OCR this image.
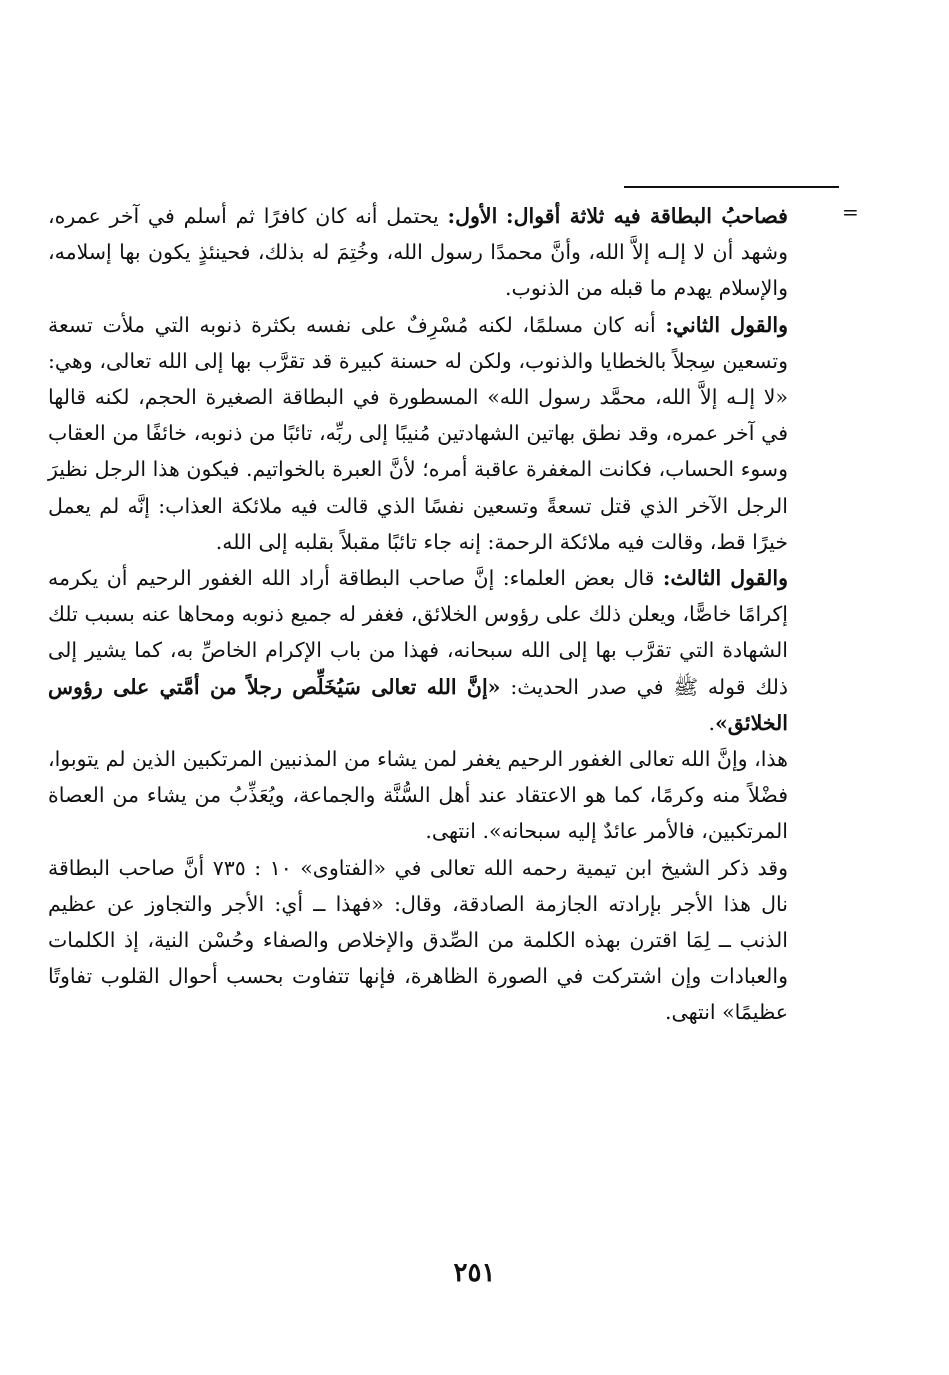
=

فصاحبُ البطاقة فيه ثلاثة أقوال: الأول: يحتمل أنه كان كافرًا ثم أسلم في آخر عمره، وشهد أن لا إلـه إلاَّ الله، وأنَّ محمدًا رسول الله، وخُتِمَ له بذلك، فحينئذٍ يكون بها إسلامه، والإسلام يهدم ما قبله من الذنوب.

والقول الثاني: أنه كان مسلمًا، لكنه مُسْرِفٌ على نفسه بكثرة ذنوبه التي ملأت تسعة وتسعين سِجلاً بالخطايا والذنوب، ولكن له حسنة كبيرة قد تقرَّب بها إلى الله تعالى، وهي: «لا إلـه إلاَّ الله، محمَّد رسول الله» المسطورة في البطاقة الصغيرة الحجم، لكنه قالها في آخر عمره، وقد نطق بهاتين الشهادتين مُنيبًا إلى ربِّه، تائبًا من ذنوبه، خائفًا من العقاب وسوء الحساب، فكانت المغفرة عاقبة أمره؛ لأنَّ العبرة بالخواتيم. فيكون هذا الرجل نظيرَ الرجل الآخر الذي قتل تسعةً وتسعين نفسًا الذي قالت فيه ملائكة العذاب: إنَّه لم يعمل خيرًا قط، وقالت فيه ملائكة الرحمة: إنه جاء تائبًا مقبلاً بقلبه إلى الله.

والقول الثالث: قال بعض العلماء: إنَّ صاحب البطاقة أراد الله الغفور الرحيم أن يكرمه إكرامًا خاصًّا، ويعلن ذلك على رؤوس الخلائق، فغفر له جميع ذنوبه ومحاها عنه بسبب تلك الشهادة التي تقرَّب بها إلى الله سبحانه، فهذا من باب الإكرام الخاصِّ به، كما يشير إلى ذلك قوله ﷺ في صدر الحديث: «إنَّ الله تعالى سَيُخَلِّص رجلاً من أمَّتي على رؤوس الخلائق».

هذا، وإنَّ الله تعالى الغفور الرحيم يغفر لمن يشاء من المذنبين المرتكبين الذين لم يتوبوا، فضْلاً منه وكرمًا، كما هو الاعتقاد عند أهل السُّنَّة والجماعة، ويُعَذِّبُ من يشاء من العصاة المرتكبين، فالأمر عائدٌ إليه سبحانه». انتهى.

وقد ذكر الشيخ ابن تيمية رحمه الله تعالى في «الفتاوى» ١٠ : ٧٣٥ أنَّ صاحب البطاقة نال هذا الأجر بإرادته الجازمة الصادقة، وقال: «فهذا ــ أي: الأجر والتجاوز عن عظيم الذنب ــ لِمَا اقترن بهذه الكلمة من الصِّدق والإخلاص والصفاء وحُسْن النية، إذ الكلمات والعبادات وإن اشتركت في الصورة الظاهرة، فإنها تتفاوت بحسب أحوال القلوب تفاوتًا عظيمًا» انتهى.

٢٥١
